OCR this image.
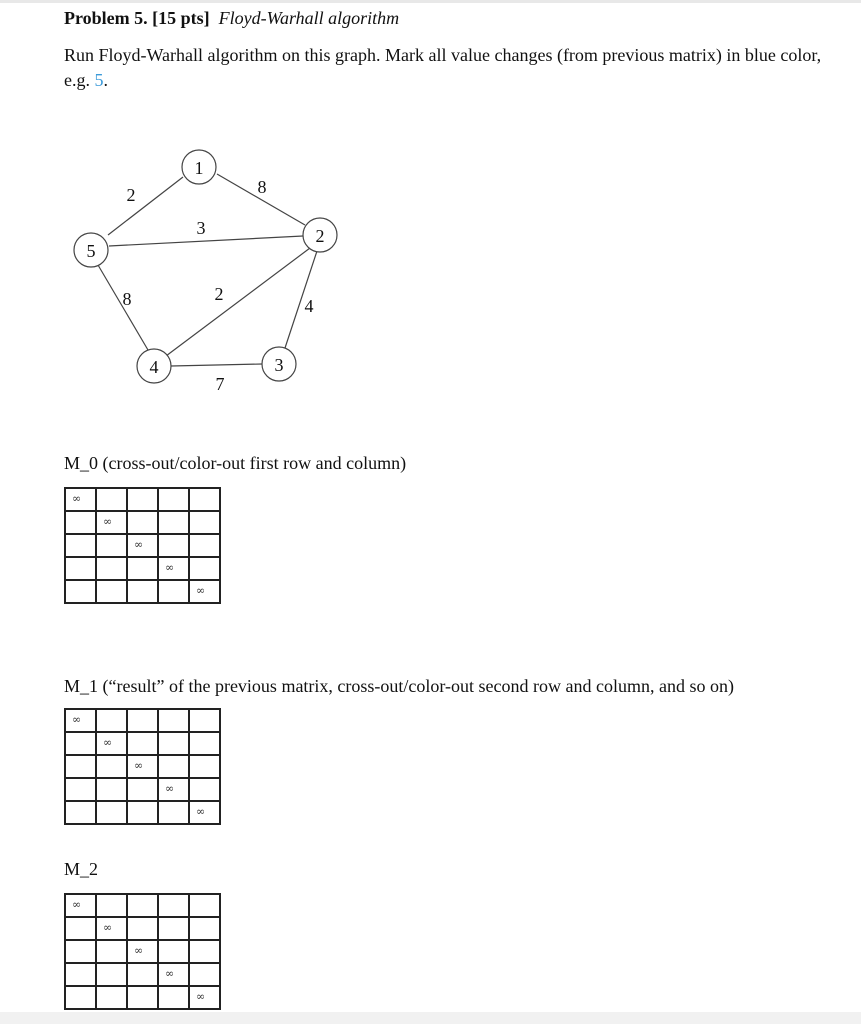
Problem 5. [15 pts] Floyd-Warhall algorithm
Run Floyd-Warhall algorithm on this graph. Mark all value changes (from previous matrix) in blue color, e.g. 5.
1
2
3
4
5
2	8
3
8	2
4
7
M_0 (cross-out/color-out first row and column)
M_1 (“result” of the previous matrix, cross-out/color-out second row and column, and so on)
M_2
∞				
	∞			
		∞		
			∞	
				∞
∞				
	∞			
		∞		
			∞	
				∞
∞				
	∞			
		∞		
			∞	
				∞
